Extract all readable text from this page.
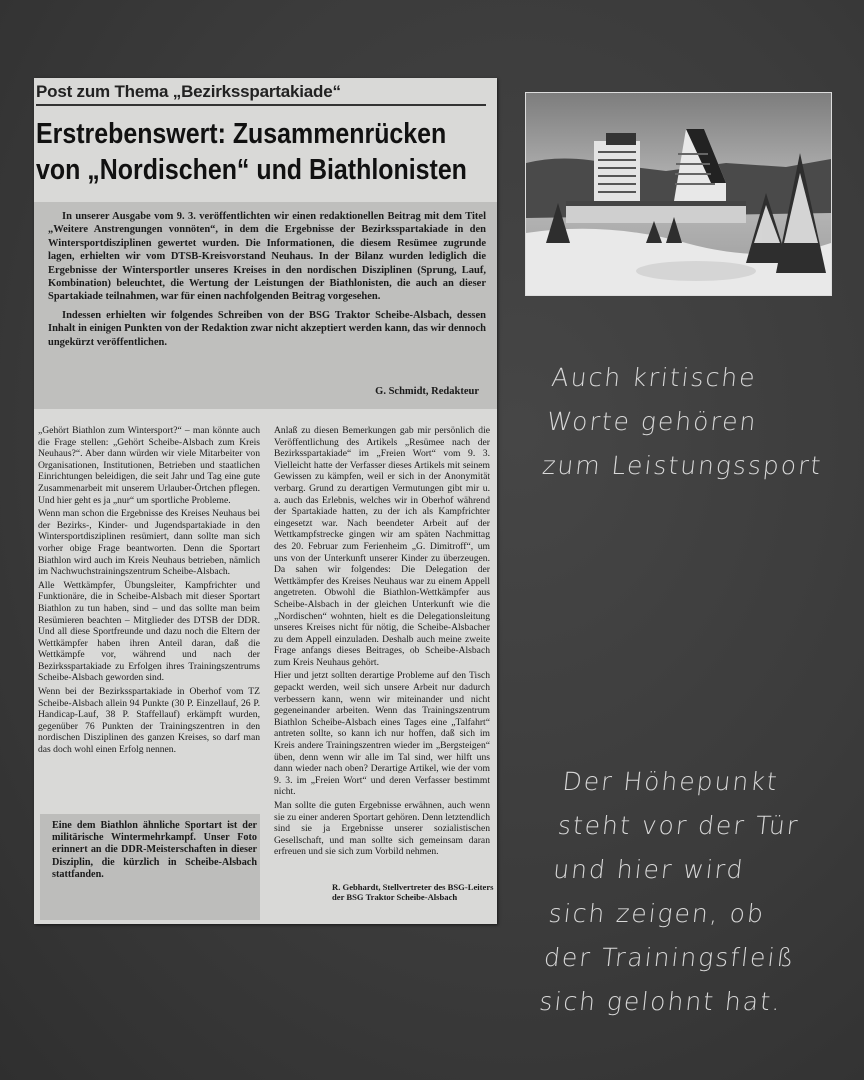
Post zum Thema „Bezirksspartakiade“
Erstrebenswert: Zusammenrücken
von „Nordischen“ und Biathlonisten

In unserer Ausgabe vom 9. 3. veröffentlichten wir einen redaktionellen Beitrag mit dem Titel „Weitere Anstrengungen vonnöten“, in dem die Ergebnisse der Bezirksspartakiade in den Wintersportdisziplinen gewertet wurden. Die Informationen, die diesem Resümee zugrunde lagen, erhielten wir vom DTSB-Kreisvorstand Neuhaus. In der Bilanz wurden lediglich die Ergebnisse der Wintersportler unseres Kreises in den nordischen Disziplinen (Sprung, Lauf, Kombination) beleuchtet, die Wertung der Leistungen der Biathlonisten, die auch an dieser Spartakiade teilnahmen, war für einen nachfolgenden Beitrag vorgesehen.

Indessen erhielten wir folgendes Schreiben von der BSG Traktor Scheibe-Alsbach, dessen Inhalt in einigen Punkten von der Redaktion zwar nicht akzeptiert werden kann, das wir dennoch ungekürzt veröffentlichen.

G. Schmidt, Redakteur

„Gehört Biathlon zum Wintersport?“ – man könnte auch die Frage stellen: „Gehört Scheibe-Alsbach zum Kreis Neuhaus?“. Aber dann würden wir viele Mitarbeiter von Organisationen, Institutionen, Betrieben und staatlichen Einrichtungen beleidigen, die seit Jahr und Tag eine gute Zusammenarbeit mit unserem Urlauber-Örtchen pflegen. Und hier geht es ja „nur“ um sportliche Probleme.

Wenn man schon die Ergebnisse des Kreises Neuhaus bei der Bezirks-, Kinder- und Jugendspartakiade in den Wintersportdisziplinen resümiert, dann sollte man sich vorher obige Frage beantworten. Denn die Sportart Biathlon wird auch im Kreis Neuhaus betrieben, nämlich im Nachwuchstrainingszentrum Scheibe-Alsbach.

Alle Wettkämpfer, Übungsleiter, Kampfrichter und Funktionäre, die in Scheibe-Alsbach mit dieser Sportart Biathlon zu tun haben, sind – und das sollte man beim Resümieren beachten – Mitglieder des DTSB der DDR. Und all diese Sportfreunde und dazu noch die Eltern der Wettkämpfer haben ihren Anteil daran, daß die Wettkämpfe vor, während und nach der Bezirksspartakiade zu Erfolgen ihres Trainingszentrums Scheibe-Alsbach geworden sind.

Wenn bei der Bezirksspartakiade in Oberhof vom TZ Scheibe-Alsbach allein 94 Punkte (30 P. Einzellauf, 26 P. Handicap-Lauf, 38 P. Staffellauf) erkämpft wurden, gegenüber 76 Punkten der Trainingszentren in den nordischen Disziplinen des ganzen Kreises, so darf man das doch wohl einen Erfolg nennen.

Eine dem Biathlon ähnliche Sportart ist der militärische Wintermehrkampf. Unser Foto erinnert an die DDR-Meisterschaften in dieser Disziplin, die kürzlich in Scheibe-Alsbach stattfanden.

Anlaß zu diesen Bemerkungen gab mir persönlich die Veröffentlichung des Artikels „Resümee nach der Bezirksspartakiade“ im „Freien Wort“ vom 9. 3. Vielleicht hatte der Verfasser dieses Artikels mit seinem Gewissen zu kämpfen, weil er sich in der Anonymität verbarg. Grund zu derartigen Vermutungen gibt mir u. a. auch das Erlebnis, welches wir in Oberhof während der Spartakiade hatten, zu der ich als Kampfrichter eingesetzt war. Nach beendeter Arbeit auf der Wettkampfstrecke gingen wir am späten Nachmittag des 20. Februar zum Ferienheim „G. Dimitroff“, um uns von der Unterkunft unserer Kinder zu überzeugen. Da sahen wir folgendes: Die Delegation der Wettkämpfer des Kreises Neuhaus war zu einem Appell angetreten. Obwohl die Biathlon-Wettkämpfer aus Scheibe-Alsbach in der gleichen Unterkunft wie die „Nordischen“ wohnten, hielt es die Delegationsleitung unseres Kreises nicht für nötig, die Scheibe-Alsbacher zu dem Appell einzuladen. Deshalb auch meine zweite Frage anfangs dieses Beitrages, ob Scheibe-Alsbach zum Kreis Neuhaus gehört.

Hier und jetzt sollten derartige Probleme auf den Tisch gepackt werden, weil sich unsere Arbeit nur dadurch verbessern kann, wenn wir miteinander und nicht gegeneinander arbeiten. Wenn das Trainingszentrum Biathlon Scheibe-Alsbach eines Tages eine „Talfahrt“ antreten sollte, so kann ich nur hoffen, daß sich im Kreis andere Trainingszentren wieder im „Bergsteigen“ üben, denn wenn wir alle im Tal sind, wer hilft uns dann wieder nach oben? Derartige Artikel, wie der vom 9. 3. im „Freien Wort“ und deren Verfasser bestimmt nicht.

Man sollte die guten Ergebnisse erwähnen, auch wenn sie zu einer anderen Sportart gehören. Denn letztendlich sind sie ja Ergebnisse unserer sozialistischen Gesellschaft, und man sollte sich gemeinsam daran erfreuen und sie sich zum Vorbild nehmen.

R. Gebhardt, Stellvertreter des BSG-Leiters der BSG Traktor Scheibe-Alsbach
Auch kritische
Worte gehören
zum Leistungssport
Der Höhepunkt
steht vor der Tür
und hier wird
sich zeigen, ob
der Trainingsfleiß
sich gelohnt hat.
